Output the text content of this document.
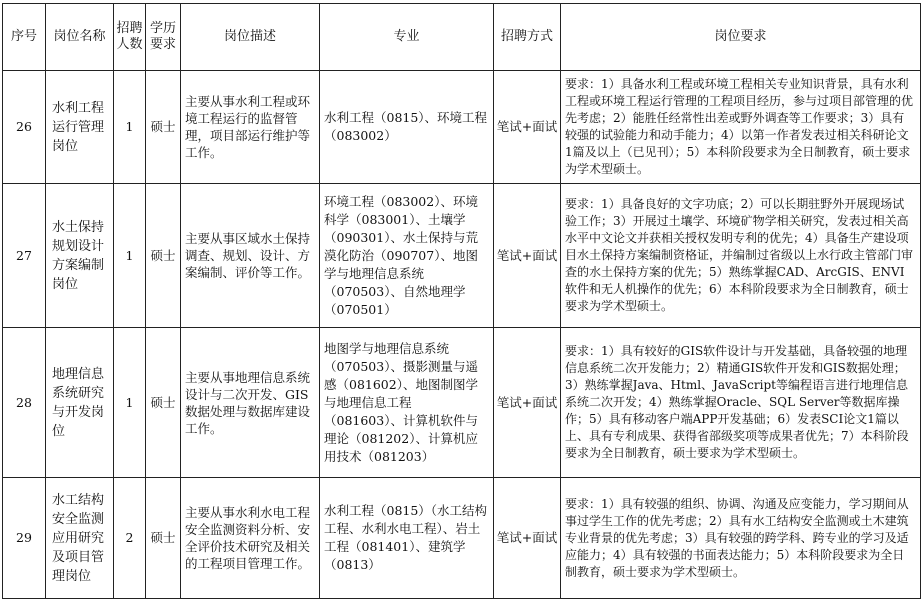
序号	岗位名称	招聘人数	学历要求	岗位描述	专业	招聘方式	岗位要求
26	水利工程运行管理岗位	1	硕士	主要从事水利工程或环境工程运行的监督管理，项目部运行维护等工作。	水利工程（0815）、环境工程（083002）	笔试+面试	要求：1）具备水利工程或环境工程相关专业知识背景，具有水利工程或环境工程运行管理的工程项目经历，参与过项目部管理的优先考虑；2）能胜任经常性出差或野外调查等工作要求；3）具有较强的试验能力和动手能力；4）以第一作者发表过相关科研论文1篇及以上（已见刊）；5）本科阶段要求为全日制教育，硕士要求为学术型硕士。
27	水土保持规划设计方案编制岗位	1	硕士	主要从事区域水土保持调查、规划、设计、方案编制、评价等工作。	环境工程（083002）、环境科学（083001）、土壤学（090301）、水土保持与荒漠化防治（090707）、地图学与地理信息系统（070503）、自然地理学（070501）	笔试+面试	要求：1）具备良好的文字功底；2）可以长期驻野外开展现场试验工作；3）开展过土壤学、环境矿物学相关研究，发表过相关高水平中文论文并获相关授权发明专利的优先；4）具备生产建设项目水土保持方案编制资格证，并编制过省级以上水行政主管部门审查的水土保持方案的优先；5）熟练掌握CAD、ArcGIS、ENVI软件和无人机操作的优先；6）本科阶段要求为全日制教育，硕士要求为学术型硕士。
28	地理信息系统研究与开发岗位	1	硕士	主要从事地理信息系统设计与二次开发、GIS数据处理与数据库建设工作。	地图学与地理信息系统（070503）、摄影测量与遥感（081602）、地图制图学与地理信息工程（081603）、计算机软件与理论（081202）、计算机应用技术（081203）	笔试+面试	要求：1）具有较好的GIS软件设计与开发基础，具备较强的地理信息系统二次开发能力；2）精通GIS软件开发和GIS数据处理；3）熟练掌握Java、Html、JavaScript等编程语言进行地理信息系统二次开发；4）熟练掌握Oracle、SQL Server等数据库操作；5）具有移动客户端APP开发基础；6）发表SCI论文1篇以上、具有专利成果、获得省部级奖项等成果者优先；7）本科阶段要求为全日制教育，硕士要求为学术型硕士。
29	水工结构安全监测应用研究及项目管理岗位	2	硕士	主要从事水利水电工程安全监测资料分析、安全评价技术研究及相关的工程项目管理工作。	水利工程（0815）（水工结构工程、水利水电工程）、岩土工程（081401）、建筑学（0813）	笔试+面试	要求：1）具有较强的组织、协调、沟通及应变能力，学习期间从事过学生工作的优先考虑；2）具有水工结构安全监测或土木建筑专业背景的优先考虑；3）具有较强的跨学科、跨专业的学习及适应能力；4）具有较强的书面表达能力；5）本科阶段要求为全日制教育，硕士要求为学术型硕士。
